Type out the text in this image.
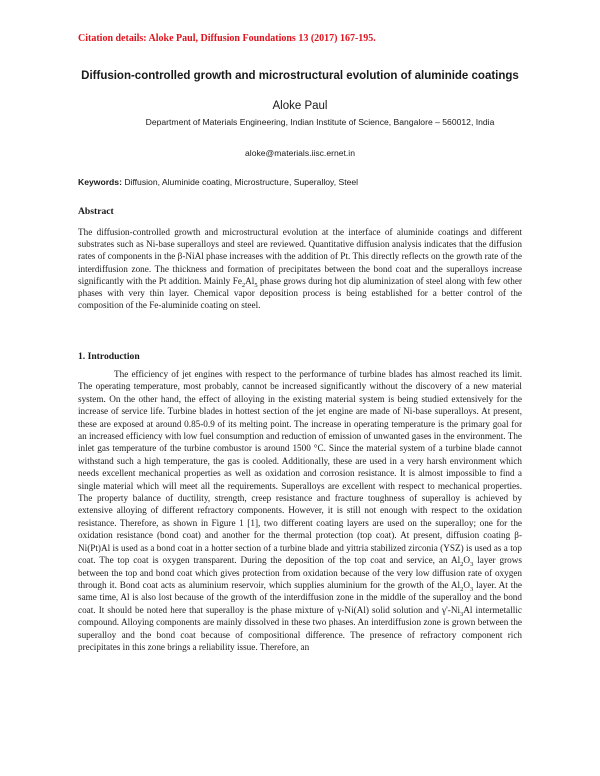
Citation details: Aloke Paul, Diffusion Foundations 13 (2017) 167-195.
Diffusion-controlled growth and microstructural evolution of aluminide coatings
Aloke Paul
Department of Materials Engineering, Indian Institute of Science, Bangalore – 560012, India
aloke@materials.iisc.ernet.in
Keywords: Diffusion, Aluminide coating, Microstructure, Superalloy, Steel
Abstract

The diffusion-controlled growth and microstructural evolution at the interface of aluminide coatings and different substrates such as Ni-base superalloys and steel are reviewed. Quantitative diffusion analysis indicates that the diffusion rates of components in the β-NiAl phase increases with the addition of Pt. This directly reflects on the growth rate of the interdiffusion zone. The thickness and formation of precipitates between the bond coat and the superalloys increase significantly with the Pt addition. Mainly $Fe_2Al_5$ phase grows during hot dip aluminization of steel along with few other phases with very thin layer. Chemical vapor deposition process is being established for a better control of the composition of the Fe-aluminide coating on steel.

1. Introduction

The efficiency of jet engines with respect to the performance of turbine blades has almost reached its limit. The operating temperature, most probably, cannot be increased significantly without the discovery of a new material system. On the other hand, the effect of alloying in the existing material system is being studied extensively for the increase of service life. Turbine blades in hottest section of the jet engine are made of Ni-base superalloys. At present, these are exposed at around 0.85-0.9 of its melting point. The increase in operating temperature is the primary goal for an increased efficiency with low fuel consumption and reduction of emission of unwanted gases in the environment. The inlet gas temperature of the turbine combustor is around 1500 °C. Since the material system of a turbine blade cannot withstand such a high temperature, the gas is cooled. Additionally, these are used in a very harsh environment which needs excellent mechanical properties as well as oxidation and corrosion resistance. It is almost impossible to find a single material which will meet all the requirements. Superalloys are excellent with respect to mechanical properties. The property balance of ductility, strength, creep resistance and fracture toughness of superalloy is achieved by extensive alloying of different refractory components. However, it is still not enough with respect to the oxidation resistance. Therefore, as shown in Figure 1 [1], two different coating layers are used on the superalloy; one for the oxidation resistance (bond coat) and another for the thermal protection (top coat). At present, diffusion coating β-Ni(Pt)Al is used as a bond coat in a hotter section of a turbine blade and yittria stabilized zirconia (YSZ) is used as a top coat. The top coat is oxygen transparent. During the deposition of the top coat and service, an $Al_2O_3$ layer grows between the top and bond coat which gives protection from oxidation because of the very low diffusion rate of oxygen through it. Bond coat acts as aluminium reservoir, which supplies aluminium for the growth of the $Al_2O_3$ layer. At the same time, Al is also lost because of the growth of the interdiffusion zone in the middle of the superalloy and the bond coat. It should be noted here that superalloy is the phase mixture of γ-Ni(Al) solid solution and $\gamma'-Ni_3Al$ intermetallic compound. Alloying components are mainly dissolved in these two phases. An interdiffusion zone is grown between the superalloy and the bond coat because of compositional difference. The presence of refractory component rich precipitates in this zone brings a reliability issue. Therefore, an
